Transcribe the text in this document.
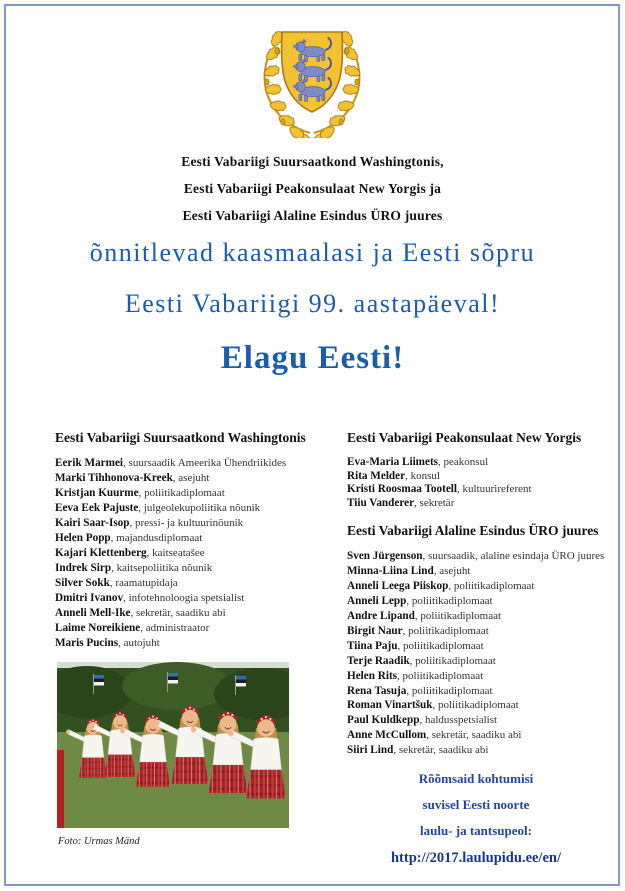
Eesti Vabariigi Suursaatkond Washingtonis,
Eesti Vabariigi Peakonsulaat New Yorgis ja
Eesti Vabariigi Alaline Esindus ÜRO juures
õnnitlevad kaasmaalasi ja Eesti sõpru
Eesti Vabariigi 99. aastapäeval!
Elagu Eesti!
Eesti Vabariigi Suursaatkond Washingtonis
Eerik Marmei , suursaadik Ameerika Ühendriikides
Marki Tihhonova-Kreek , asejuht
Kristjan Kuurme , poliitikadiplomaat
Eeva Eek Pajuste , julgeolekupoliitika nõunik
Kairi Saar-Isop , pressi- ja kultuurinõunik
Helen Popp , majandusdiplomaat
Kajari Klettenberg , kaitseatašee
Indrek Sirp , kaitsepoliitika nõunik
Silver Sokk , raamatupidaja
Dmitri Ivanov , infotehnoloogia spetsialist
Anneli Mell-Ike , sekretär, saadiku abi
Laime Noreikiene , administraator
Maris Pucins , autojuht
Eesti Vabariigi Peakonsulaat New Yorgis
Eva-Maria Liimets , peakonsul
Rita Melder , konsul
Kristi Roosmaa Tootell , kultuurireferent
Tiiu Vanderer , sekretär
Eesti Vabariigi Alaline Esindus ÜRO juures
Sven Jürgenson , suursaadik, alaline esindaja ÜRO juures
Minna-Liina Lind , asejuht
Anneli Leega Piiskop , poliitikadiplomaat
Anneli Lepp , poliitikadiplomaat
Andre Lipand , poliitikadiplomaat
Birgit Naur , poliitikadiplomaat
Tiina Paju , poliitikadiplomaat
Terje Raadik , poliitikadiplomaat
Helen Rits , poliitikadiplomaat
Rena Tasuja , poliitikadiplomaat
Roman Vinartšuk , poliitikadiplomaat
Paul Kuldkepp , haldusspetsialist
Anne McCullom , sekretär, saadiku abi
Siiri Lind , sekretär, saadiku abi
Foto: Urmas Mänd
Rõõmsaid kohtumisi
suvisel Eesti noorte
laulu- ja tantsupeol:
http://2017.laulupidu.ee/en/
